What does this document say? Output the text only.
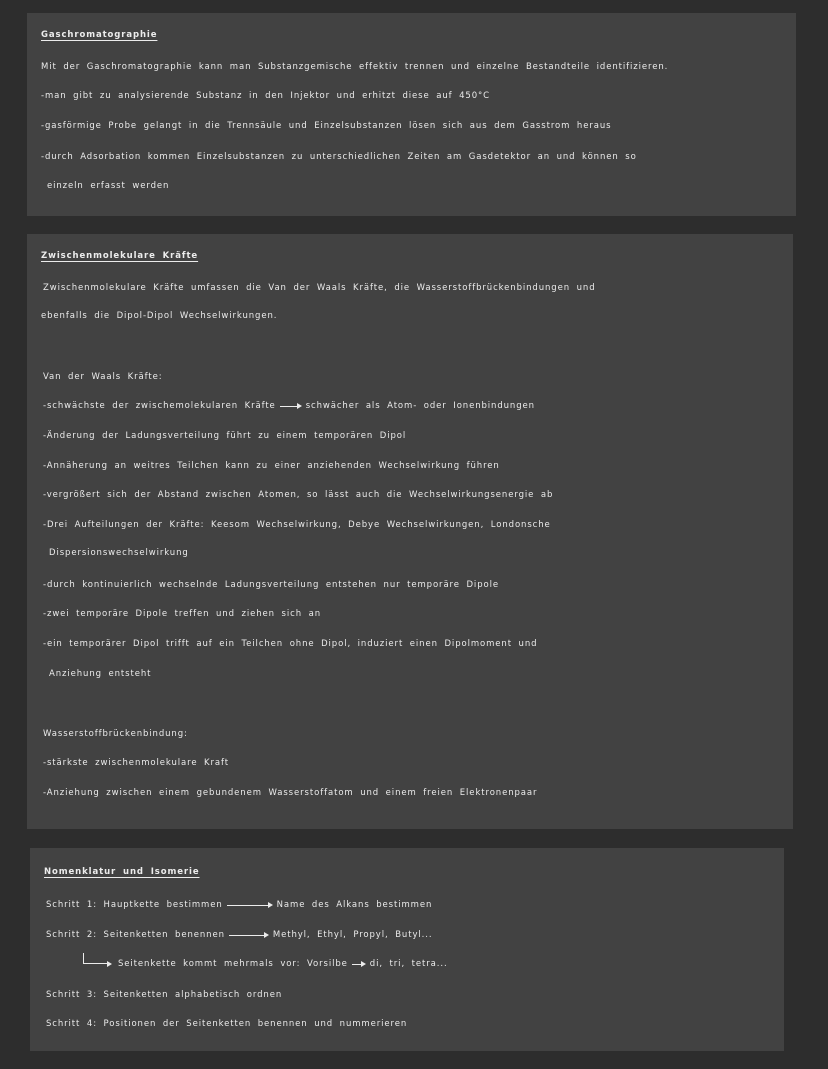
Gaschromatographie
Mit der Gaschromatographie kann man Substanzgemische effektiv trennen und einzelne Bestandteile identifizieren.
-man gibt zu analysierende Substanz in den Injektor und erhitzt diese auf 450°C
-gasförmige Probe gelangt in die Trennsäule und Einzelsubstanzen lösen sich aus dem Gasstrom heraus
-durch Adsorbation kommen Einzelsubstanzen zu unterschiedlichen Zeiten am Gasdetektor an und können so
einzeln erfasst werden
Zwischenmolekulare Kräfte
Zwischenmolekulare Kräfte umfassen die Van der Waals Kräfte, die Wasserstoffbrückenbindungen und
ebenfalls die Dipol-Dipol Wechselwirkungen.
Van der Waals Kräfte:
-schwächste der zwischemolekularen Kräfte	schwächer als Atom- oder Ionenbindungen
-Änderung der Ladungsverteilung führt zu einem temporären Dipol
-Annäherung an weitres Teilchen kann zu einer anziehenden Wechselwirkung führen
-vergrößert sich der Abstand zwischen Atomen, so lässt auch die Wechselwirkungsenergie ab
-Drei Aufteilungen der Kräfte: Keesom Wechselwirkung, Debye Wechselwirkungen, Londonsche
Dispersionswechselwirkung
-durch kontinuierlich wechselnde Ladungsverteilung entstehen nur temporäre Dipole
-zwei temporäre Dipole treffen und ziehen sich an
-ein temporärer Dipol trifft auf ein Teilchen ohne Dipol, induziert einen Dipolmoment und
Anziehung entsteht
Wasserstoffbrückenbindung:
-stärkste zwischenmolekulare Kraft
-Anziehung zwischen einem gebundenem Wasserstoffatom und einem freien Elektronenpaar
Nomenklatur und Isomerie
Schritt 1: Hauptkette bestimmen	Name des Alkans bestimmen
Schritt 2: Seitenketten benennen	Methyl, Ethyl, Propyl, Butyl...
Seitenkette kommt mehrmals vor: Vorsilbe	di, tri, tetra...
Schritt 3: Seitenketten alphabetisch ordnen
Schritt 4: Positionen der Seitenketten benennen und nummerieren
